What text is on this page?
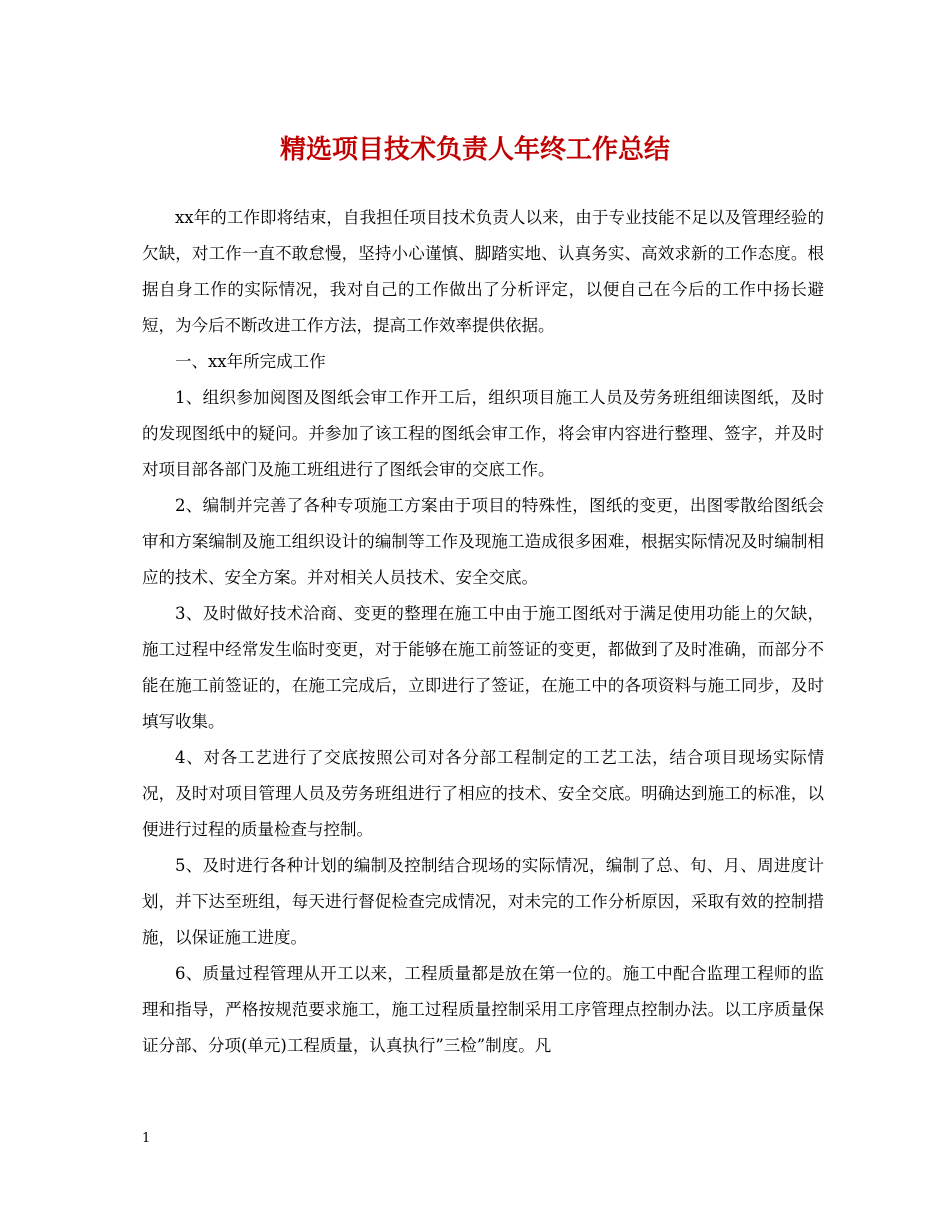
精选项目技术负责人年终工作总结

xx年的工作即将结束，自我担任项目技术负责人以来，由于专业技能不足以及管理经验的欠缺，对工作一直不敢怠慢，坚持小心谨慎、脚踏实地、认真务实、高效求新的工作态度。根据自身工作的实际情况，我对自己的工作做出了分析评定，以便自己在今后的工作中扬长避短，为今后不断改进工作方法，提高工作效率提供依据。

一、xx年所完成工作

1、组织参加阅图及图纸会审工作开工后，组织项目施工人员及劳务班组细读图纸，及时的发现图纸中的疑问。并参加了该工程的图纸会审工作，将会审内容进行整理、签字，并及时对项目部各部门及施工班组进行了图纸会审的交底工作。

2、编制并完善了各种专项施工方案由于项目的特殊性，图纸的变更，出图零散给图纸会审和方案编制及施工组织设计的编制等工作及现施工造成很多困难，根据实际情况及时编制相应的技术、安全方案。并对相关人员技术、安全交底。

3、及时做好技术洽商、变更的整理在施工中由于施工图纸对于满足使用功能上的欠缺，施工过程中经常发生临时变更，对于能够在施工前签证的变更，都做到了及时准确，而部分不能在施工前签证的，在施工完成后，立即进行了签证，在施工中的各项资料与施工同步，及时填写收集。

4、对各工艺进行了交底按照公司对各分部工程制定的工艺工法，结合项目现场实际情况，及时对项目管理人员及劳务班组进行了相应的技术、安全交底。明确达到施工的标准，以便进行过程的质量检查与控制。

5、及时进行各种计划的编制及控制结合现场的实际情况，编制了总、旬、月、周进度计划，并下达至班组，每天进行督促检查完成情况，对未完的工作分析原因，采取有效的控制措施，以保证施工进度。

6、质量过程管理从开工以来，工程质量都是放在第一位的。施工中配合监理工程师的监理和指导，严格按规范要求施工，施工过程质量控制采用工序管理点控制办法。以工序质量保证分部、分项(单元)工程质量，认真执行”三检”制度。凡

1
